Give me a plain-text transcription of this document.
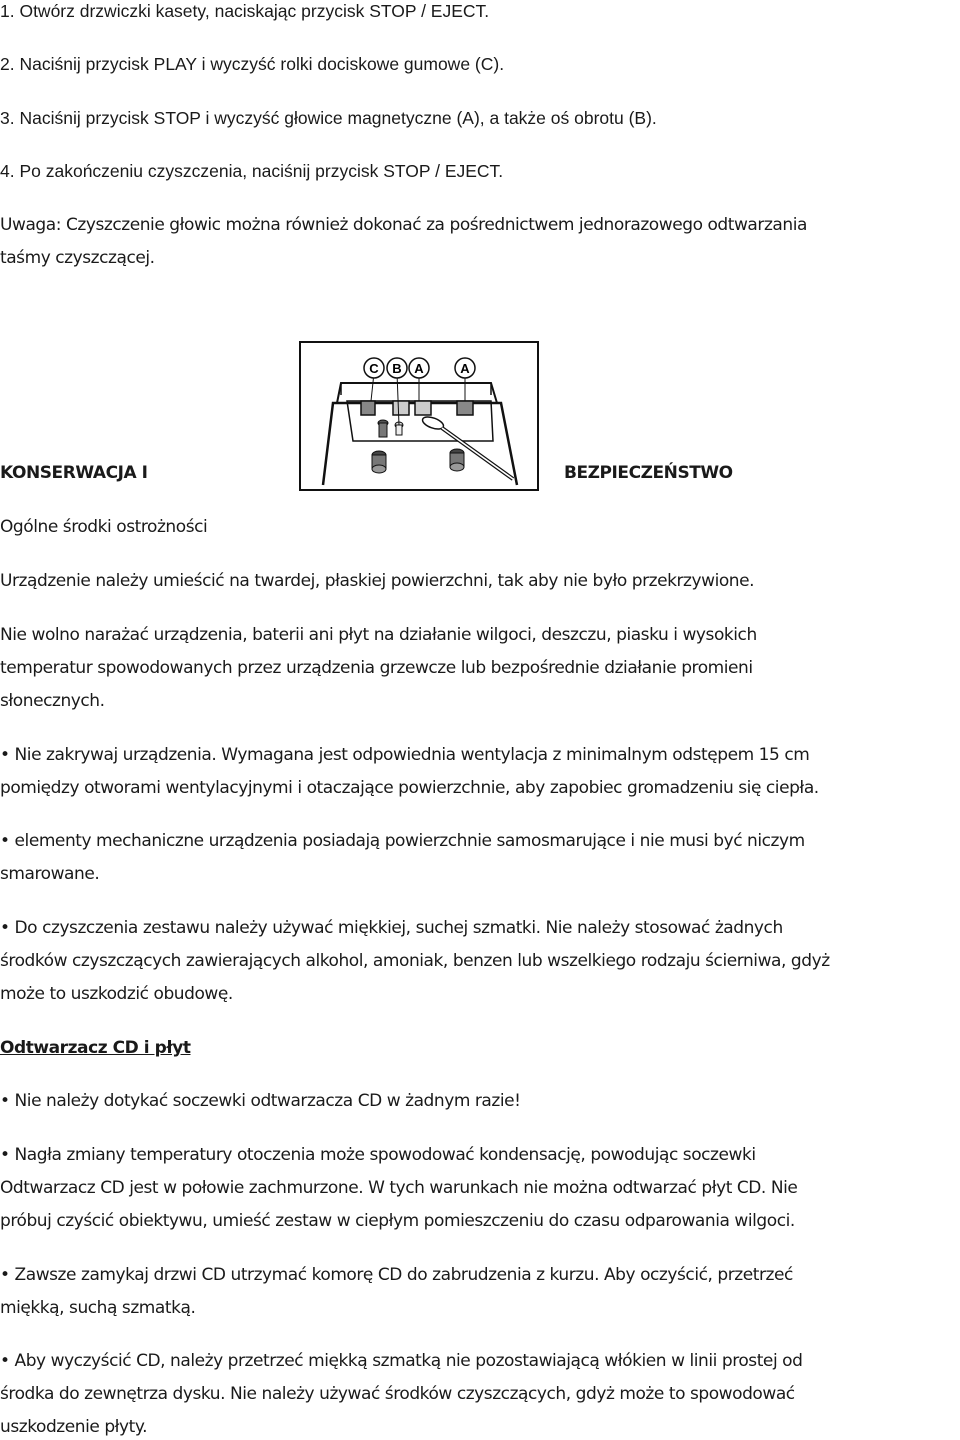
1. Otwórz drzwiczki kasety, naciskając przycisk STOP / EJECT.

2. Naciśnij przycisk PLAY i wyczyść rolki dociskowe gumowe (C).

3. Naciśnij przycisk STOP i wyczyść głowice magnetyczne (A), a także oś obrotu (B).

4. Po zakończeniu czyszczenia, naciśnij przycisk STOP / EJECT.

Uwaga: Czyszczenie głowic można również dokonać za pośrednictwem jednorazowego odtwarzania

taśmy czyszczącej.

C B A	A

KONSERWACJA I	BEZPIECZEŃSTWO

Ogólne środki ostrożności

Urządzenie należy umieścić na twardej, płaskiej powierzchni, tak aby nie było przekrzywione.

Nie wolno narażać urządzenia, baterii ani płyt na działanie wilgoci, deszczu, piasku i wysokich

temperatur spowodowanych przez urządzenia grzewcze lub bezpośrednie działanie promieni

słonecznych.

• Nie zakrywaj urządzenia. Wymagana jest odpowiednia wentylacja z minimalnym odstępem 15 cm

pomiędzy otworami wentylacyjnymi i otaczające powierzchnie, aby zapobiec gromadzeniu się ciepła.

• elementy mechaniczne urządzenia posiadają powierzchnie samosmarujące i nie musi być niczym

smarowane.

• Do czyszczenia zestawu należy używać miękkiej, suchej szmatki. Nie należy stosować żadnych

środków czyszczących zawierających alkohol, amoniak, benzen lub wszelkiego rodzaju ścierniwa, gdyż

może to uszkodzić obudowę.

Odtwarzacz CD i płyt

• Nie należy dotykać soczewki odtwarzacza CD w żadnym razie!

• Nagła zmiany temperatury otoczenia może spowodować kondensację, powodując soczewki

Odtwarzacz CD jest w połowie zachmurzone. W tych warunkach nie można odtwarzać płyt CD. Nie

próbuj czyścić obiektywu, umieść zestaw w ciepłym pomieszczeniu do czasu odparowania wilgoci.

• Zawsze zamykaj drzwi CD utrzymać komorę CD do zabrudzenia z kurzu. Aby oczyścić, przetrzeć

miękką, suchą szmatką.

• Aby wyczyścić CD, należy przetrzeć miękką szmatką nie pozostawiającą włókien w linii prostej od

środka do zewnętrza dysku. Nie należy używać środków czyszczących, gdyż może to spowodować

uszkodzenie płyty.
